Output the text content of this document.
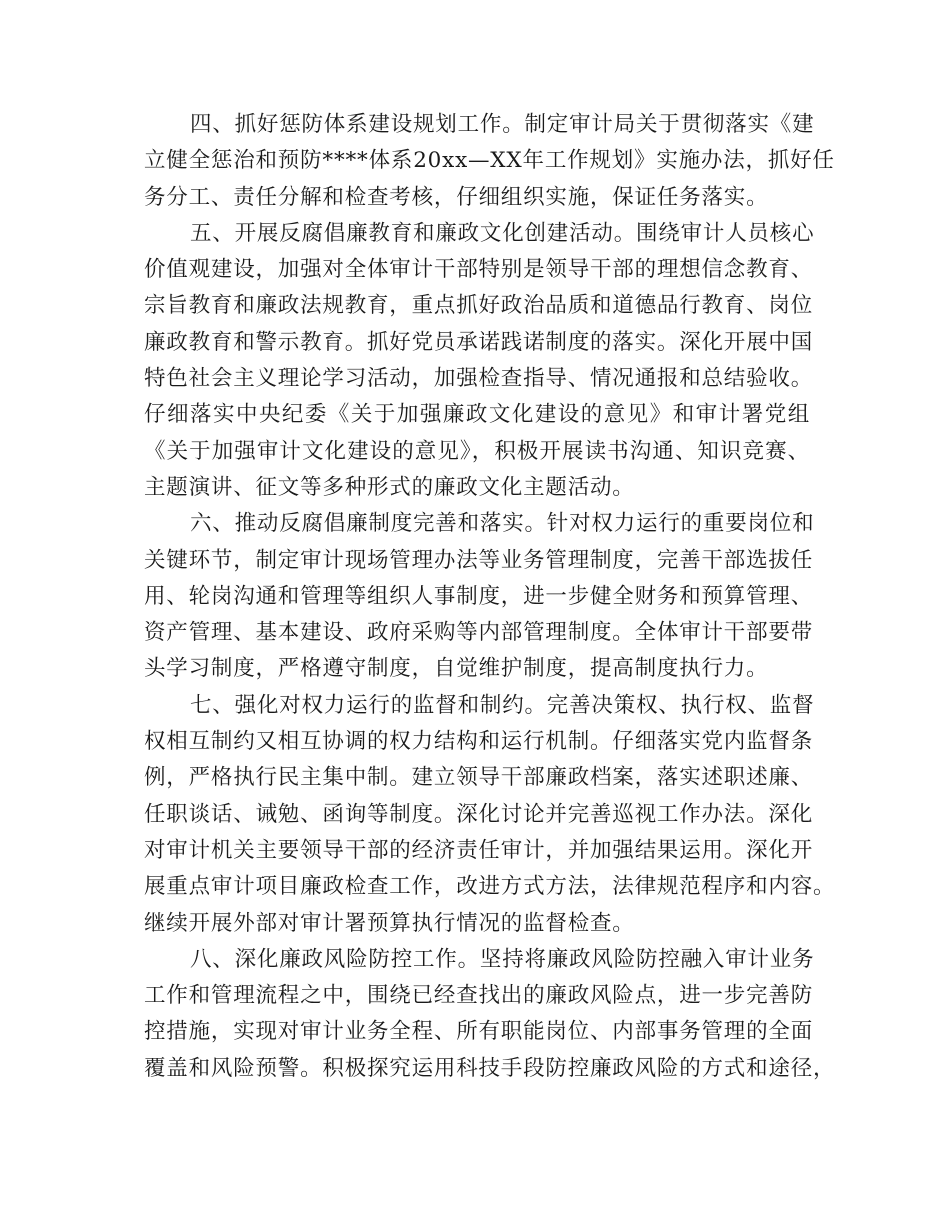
四、抓好惩防体系建设规划工作。制定审计局关于贯彻落实《建
立健全惩治和预防****体系20xx—XX年工作规划》实施办法，抓好任
务分工、责任分解和检查考核，仔细组织实施，保证任务落实。
五、开展反腐倡廉教育和廉政文化创建活动。围绕审计人员核心
价值观建设，加强对全体审计干部特别是领导干部的理想信念教育、
宗旨教育和廉政法规教育，重点抓好政治品质和道德品行教育、岗位
廉政教育和警示教育。抓好党员承诺践诺制度的落实。深化开展中国
特色社会主义理论学习活动，加强检查指导、情况通报和总结验收。
仔细落实中央纪委《关于加强廉政文化建设的意见》和审计署党组
《关于加强审计文化建设的意见》，积极开展读书沟通、知识竞赛、
主题演讲、征文等多种形式的廉政文化主题活动。
六、推动反腐倡廉制度完善和落实。针对权力运行的重要岗位和
关键环节，制定审计现场管理办法等业务管理制度，完善干部选拔任
用、轮岗沟通和管理等组织人事制度，进一步健全财务和预算管理、
资产管理、基本建设、政府采购等内部管理制度。全体审计干部要带
头学习制度，严格遵守制度，自觉维护制度，提高制度执行力。
七、强化对权力运行的监督和制约。完善决策权、执行权、监督
权相互制约又相互协调的权力结构和运行机制。仔细落实党内监督条
例，严格执行民主集中制。建立领导干部廉政档案，落实述职述廉、
任职谈话、诫勉、函询等制度。深化讨论并完善巡视工作办法。深化
对审计机关主要领导干部的经济责任审计，并加强结果运用。深化开
展重点审计项目廉政检查工作，改进方式方法，法律规范程序和内容。
继续开展外部对审计署预算执行情况的监督检查。
八、深化廉政风险防控工作。坚持将廉政风险防控融入审计业务
工作和管理流程之中，围绕已经查找出的廉政风险点，进一步完善防
控措施，实现对审计业务全程、所有职能岗位、内部事务管理的全面
覆盖和风险预警。积极探究运用科技手段防控廉政风险的方式和途径，
